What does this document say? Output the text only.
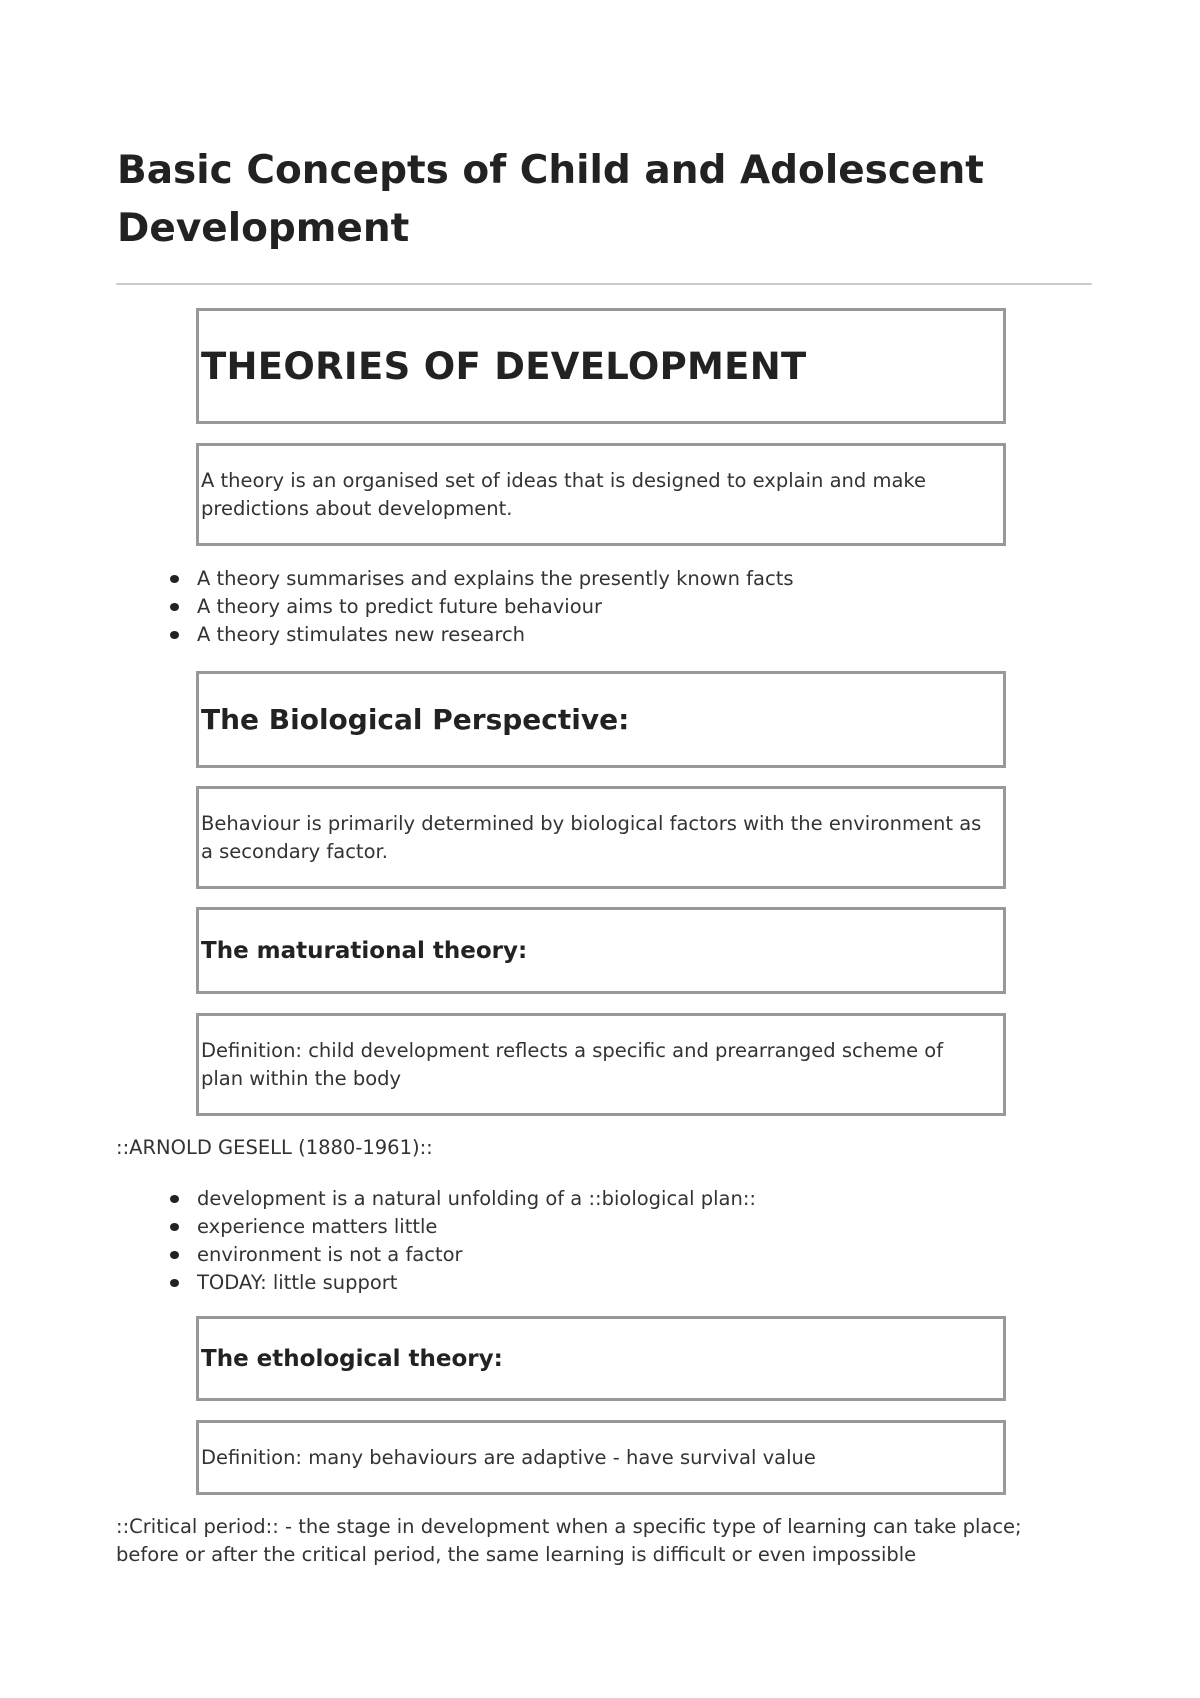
Basic Concepts of Child and Adolescent Development
THEORIES OF DEVELOPMENT
A theory is an organised set of ideas that is designed to explain and make predictions about development.
A theory summarises and explains the presently known facts
A theory aims to predict future behaviour
A theory stimulates new research
The Biological Perspective:
Behaviour is primarily determined by biological factors with the environment as a secondary factor.
The maturational theory:
Definition: child development reflects a specific and prearranged scheme of plan within the body

::ARNOLD GESELL (1880-1961)::

development is a natural unfolding of a ::biological plan::
experience matters little
environment is not a factor
TODAY: little support
The ethological theory:
Definition: many behaviours are adaptive - have survival value

::Critical period:: - the stage in development when a specific type of learning can take place; before or after the critical period, the same learning is difficult or even impossible
